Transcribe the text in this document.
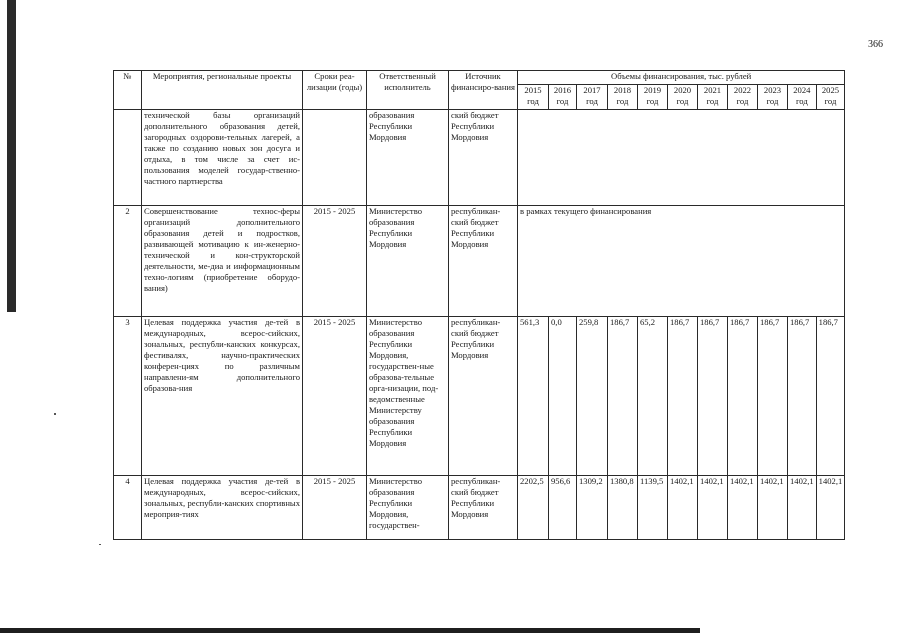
366
№	Мероприятия, региональные проекты	Сроки реа-лизации (годы)	Ответственный исполнитель	Источник финансиро-вания	Объемы финансирования, тыс. рублей										
					2015 год	2016 год	2017 год	2018 год	2019 год	2020 год	2021 год	2022 год	2023 год	2024 год	2025 год
	технической базы организаций дополнительного образования детей, загородных оздорови-тельных лагерей, а также по созданию новых зон досуга и отдыха, в том числе за счет ис-пользования моделей государ-ственно-частного партнерства		образования Республики Мордовия	ский бюджет Республики Мордовия											
2	Совершенствование технос-феры организаций дополнительного образования детей и подростков, развивающей мотивацию к ин-женерно-технической и кон-структорской деятельности, ме-диа и информационным техно-логиям (приобретение оборудо-вания)	2015 - 2025	Министерство образования Республики Мордовия	республикан-ский бюджет Республики Мордовия	в рамках текущего финансирования										
3	Целевая поддержка участия де-тей в международных, всерос-сийских, зональных, республи-канских конкурсах, фестивалях, научно-практических конферен-циях по различным направлени-ям дополнительного образова-ния	2015 - 2025	Министерство образования Республики Мордовия, государствен-ные образова-тельные орга-низации, под-ведомственные Министерству образования Республики Мордовия	республикан-ский бюджет Республики Мордовия	561,3	0,0	259,8	186,7	65,2	186,7	186,7	186,7	186,7	186,7	186,7
4	Целевая поддержка участия де-тей в международных, всерос-сийских, зональных, республи-канских спортивных мероприя-тиях	2015 - 2025	Министерство образования Республики Мордовия, государствен-	республикан-ский бюджет Республики Мордовия	2202,5	956,6	1309,2	1380,8	1139,5	1402,1	1402,1	1402,1	1402,1	1402,1	1402,1
